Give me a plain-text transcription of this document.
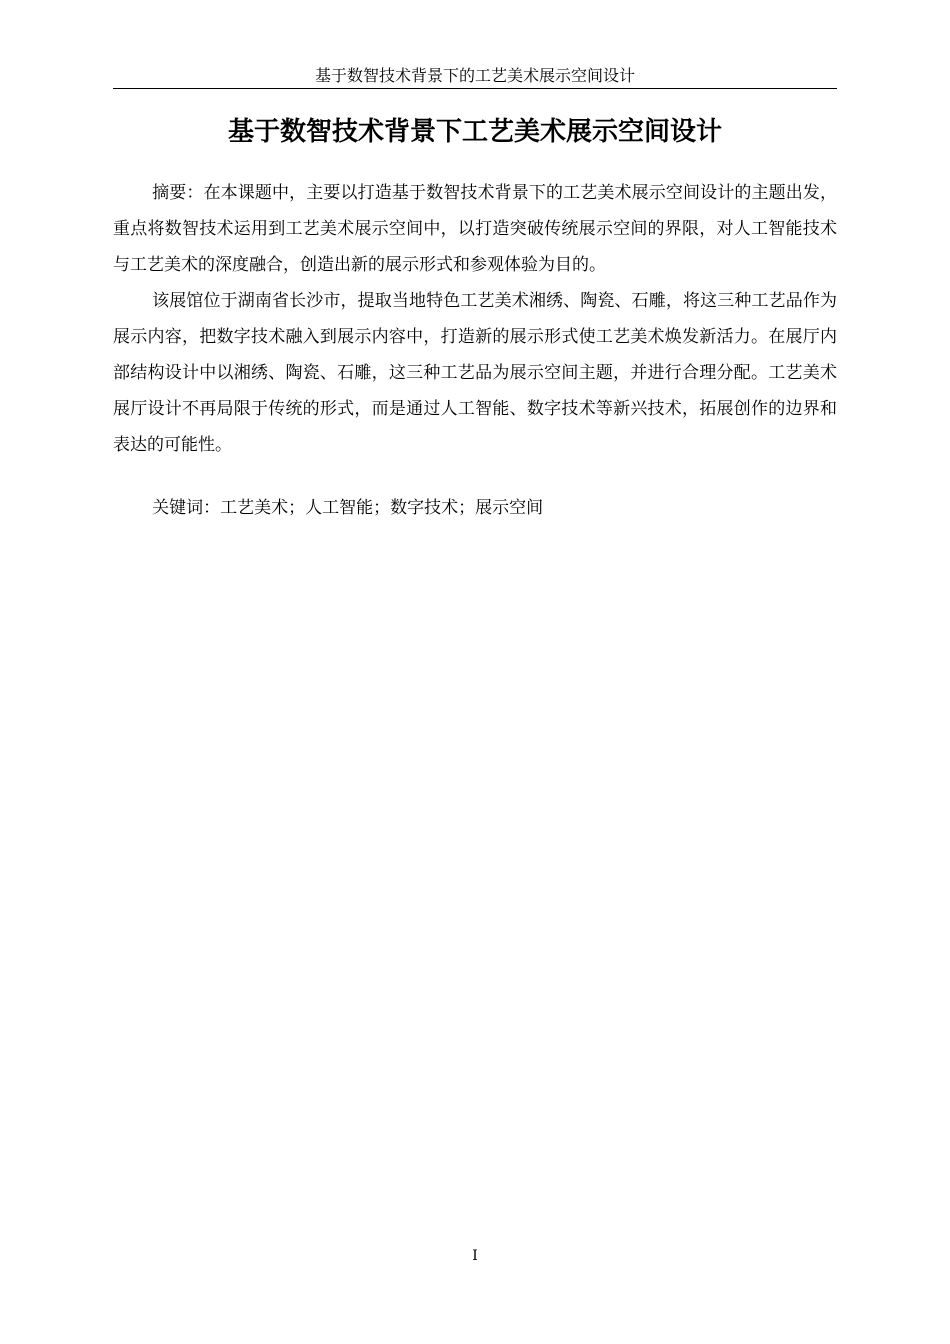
基于数智技术背景下的工艺美术展示空间设计
基于数智技术背景下工艺美术展示空间设计

摘要：在本课题中，主要以打造基于数智技术背景下的工艺美术展示空间设计的主题出发，重点将数智技术运用到工艺美术展示空间中，以打造突破传统展示空间的界限，对人工智能技术与工艺美术的深度融合，创造出新的展示形式和参观体验为目的。

该展馆位于湖南省长沙市，提取当地特色工艺美术湘绣、陶瓷、石雕，将这三种工艺品作为展示内容，把数字技术融入到展示内容中，打造新的展示形式使工艺美术焕发新活力。在展厅内部结构设计中以湘绣、陶瓷、石雕，这三种工艺品为展示空间主题，并进行合理分配。工艺美术展厅设计不再局限于传统的形式，而是通过人工智能、数字技术等新兴技术，拓展创作的边界和表达的可能性。

关键词：工艺美术；人工智能；数字技术；展示空间

I
